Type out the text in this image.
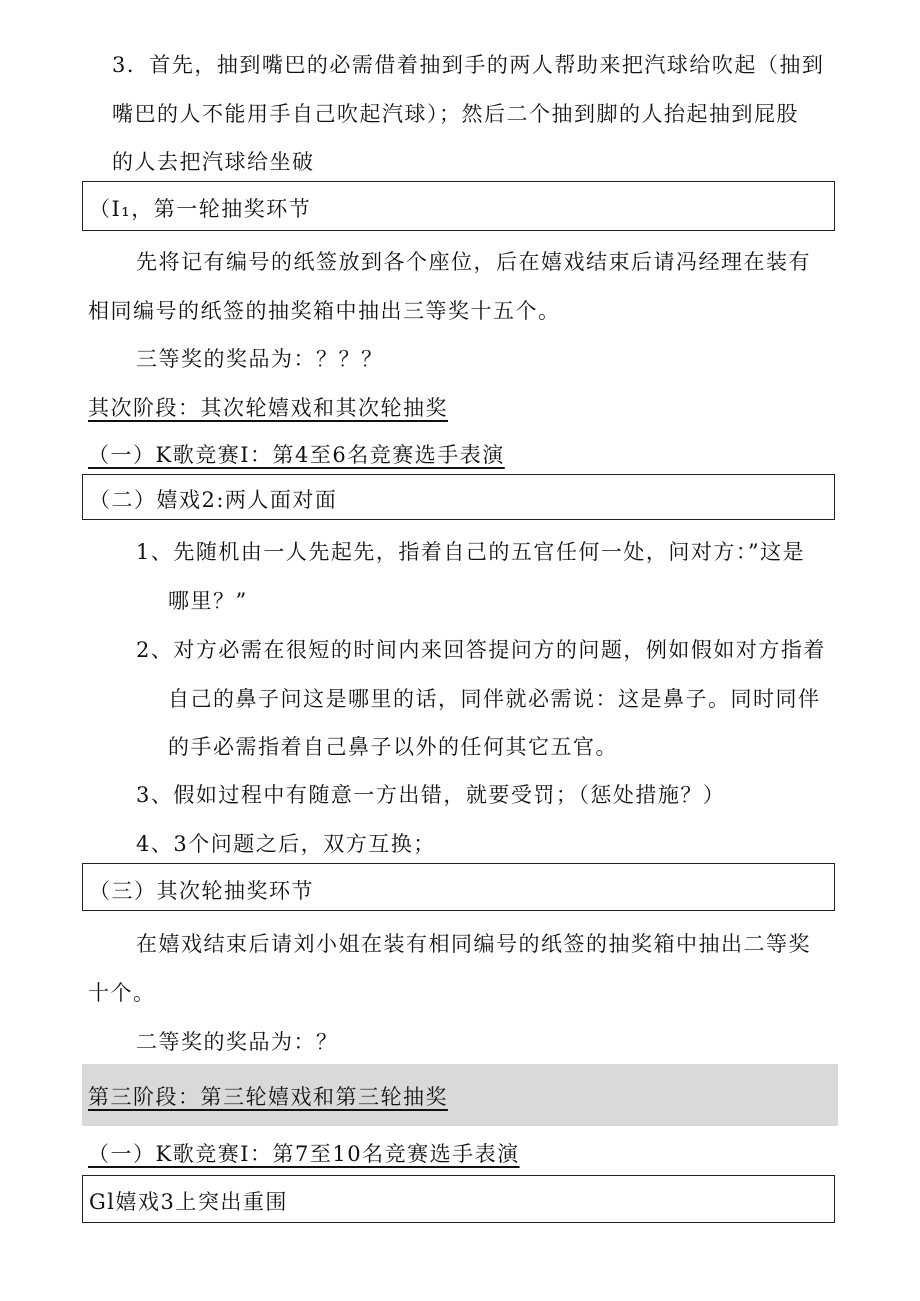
3．首先，抽到嘴巴的必需借着抽到手的两人帮助来把汽球给吹起（抽到
嘴巴的人不能用手自己吹起汽球）；然后二个抽到脚的人抬起抽到屁股
的人去把汽球给坐破
（I₁，第一轮抽奖环节
先将记有编号的纸签放到各个座位，后在嬉戏结束后请冯经理在装有
相同编号的纸签的抽奖箱中抽出三等奖十五个。
三等奖的奖品为：？？？
其次阶段：其次轮嬉戏和其次轮抽奖
（一）K歌竞赛I：第4至6名竞赛选手表演
（二）嬉戏2:两人面对面
1、先随机由一人先起先，指着自己的五官任何一处，问对方：”这是
哪里？”
2、对方必需在很短的时间内来回答提问方的问题，例如假如对方指着
自己的鼻子问这是哪里的话，同伴就必需说：这是鼻子。同时同伴
的手必需指着自己鼻子以外的任何其它五官。
3、假如过程中有随意一方出错，就要受罚；（惩处措施？）
4、3个问题之后，双方互换；
（三）其次轮抽奖环节
在嬉戏结束后请刘小姐在装有相同编号的纸签的抽奖箱中抽出二等奖
十个。
二等奖的奖品为：？
第三阶段：第三轮嬉戏和第三轮抽奖
（一）K歌竞赛I：第7至10名竞赛选手表演
Gl嬉戏3上突出重围
